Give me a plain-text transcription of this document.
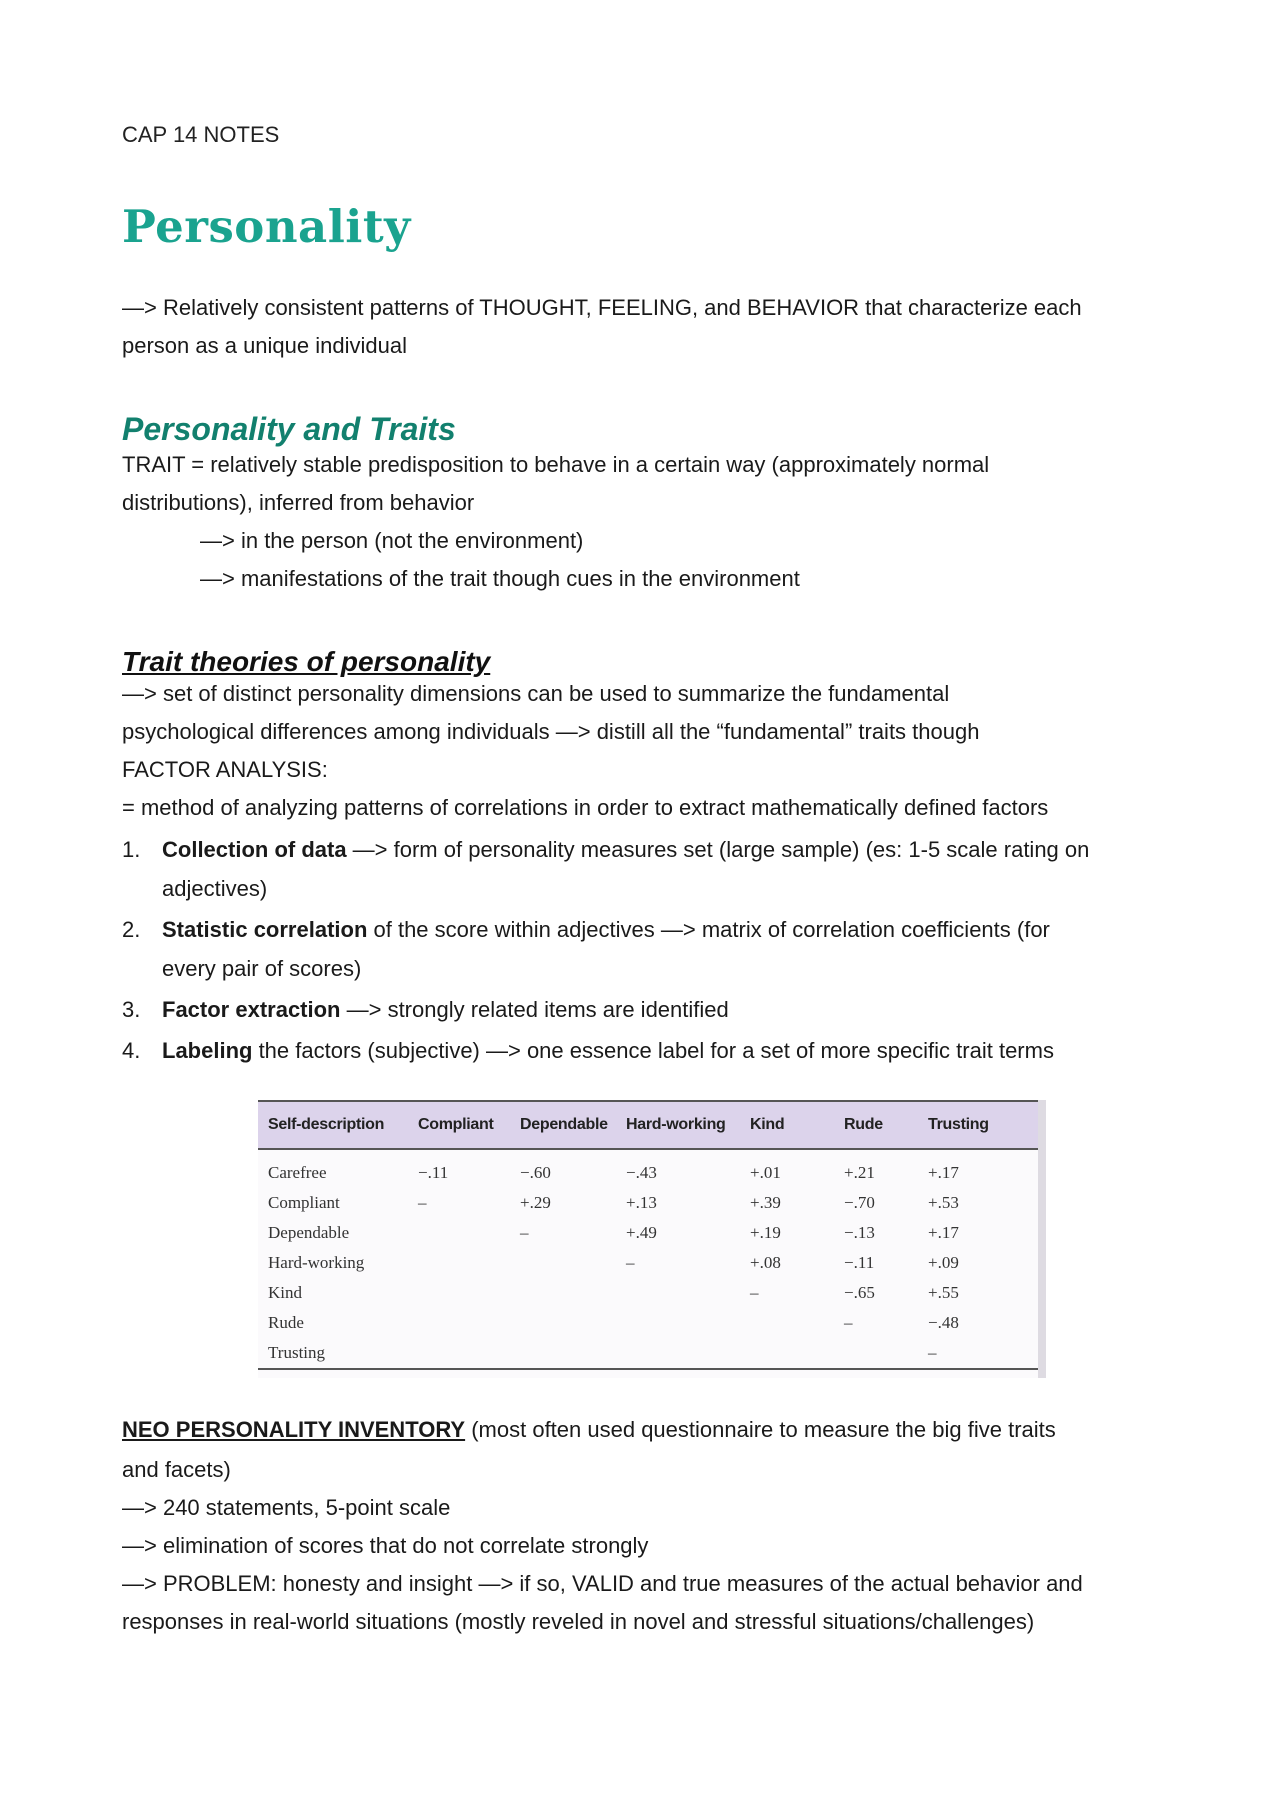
CAP 14 NOTES
Personality

—> Relatively consistent patterns of THOUGHT, FEELING, and BEHAVIOR that characterize each

person as a unique individual

Personality and Traits

TRAIT = relatively stable predisposition to behave in a certain way (approximately normal

distributions), inferred from behavior

—> in the person (not the environment)

—> manifestations of the trait though cues in the environment

Trait theories of personality

—> set of distinct personality dimensions can be used to summarize the fundamental

psychological differences among individuals —> distill all the “fundamental” traits though

FACTOR ANALYSIS:

= method of analyzing patterns of correlations in order to extract mathematically defined factors

1. Collection of data —> form of personality measures set (large sample) (es: 1-5 scale rating on
adjectives)
2. Statistic correlation of the score within adjectives —> matrix of correlation coefficients (for
every pair of scores)
3. Factor extraction —> strongly related items are identified
4. Labeling the factors (subjective) —> one essence label for a set of more specific trait terms

NEO PERSONALITY INVENTORY (most often used questionnaire to measure the big five traits

and facets)

—> 240 statements, 5-point scale

—> elimination of scores that do not correlate strongly

—> PROBLEM: honesty and insight —> if so, VALID and true measures of the actual behavior and

responses in real-world situations (mostly reveled in novel and stressful situations/challenges)

Self-description	Compliant	Dependable	Hard-working	Kind	Rude	Trusting
Carefree	−.11	−.60	−.43	+.01	+.21	+.17
Compliant	–	+.29	+.13	+.39	−.70	+.53
Dependable		–	+.49	+.19	−.13	+.17
Hard-working			–	+.08	−.11	+.09
Kind				–	−.65	+.55
Rude					–	−.48
Trusting						–
